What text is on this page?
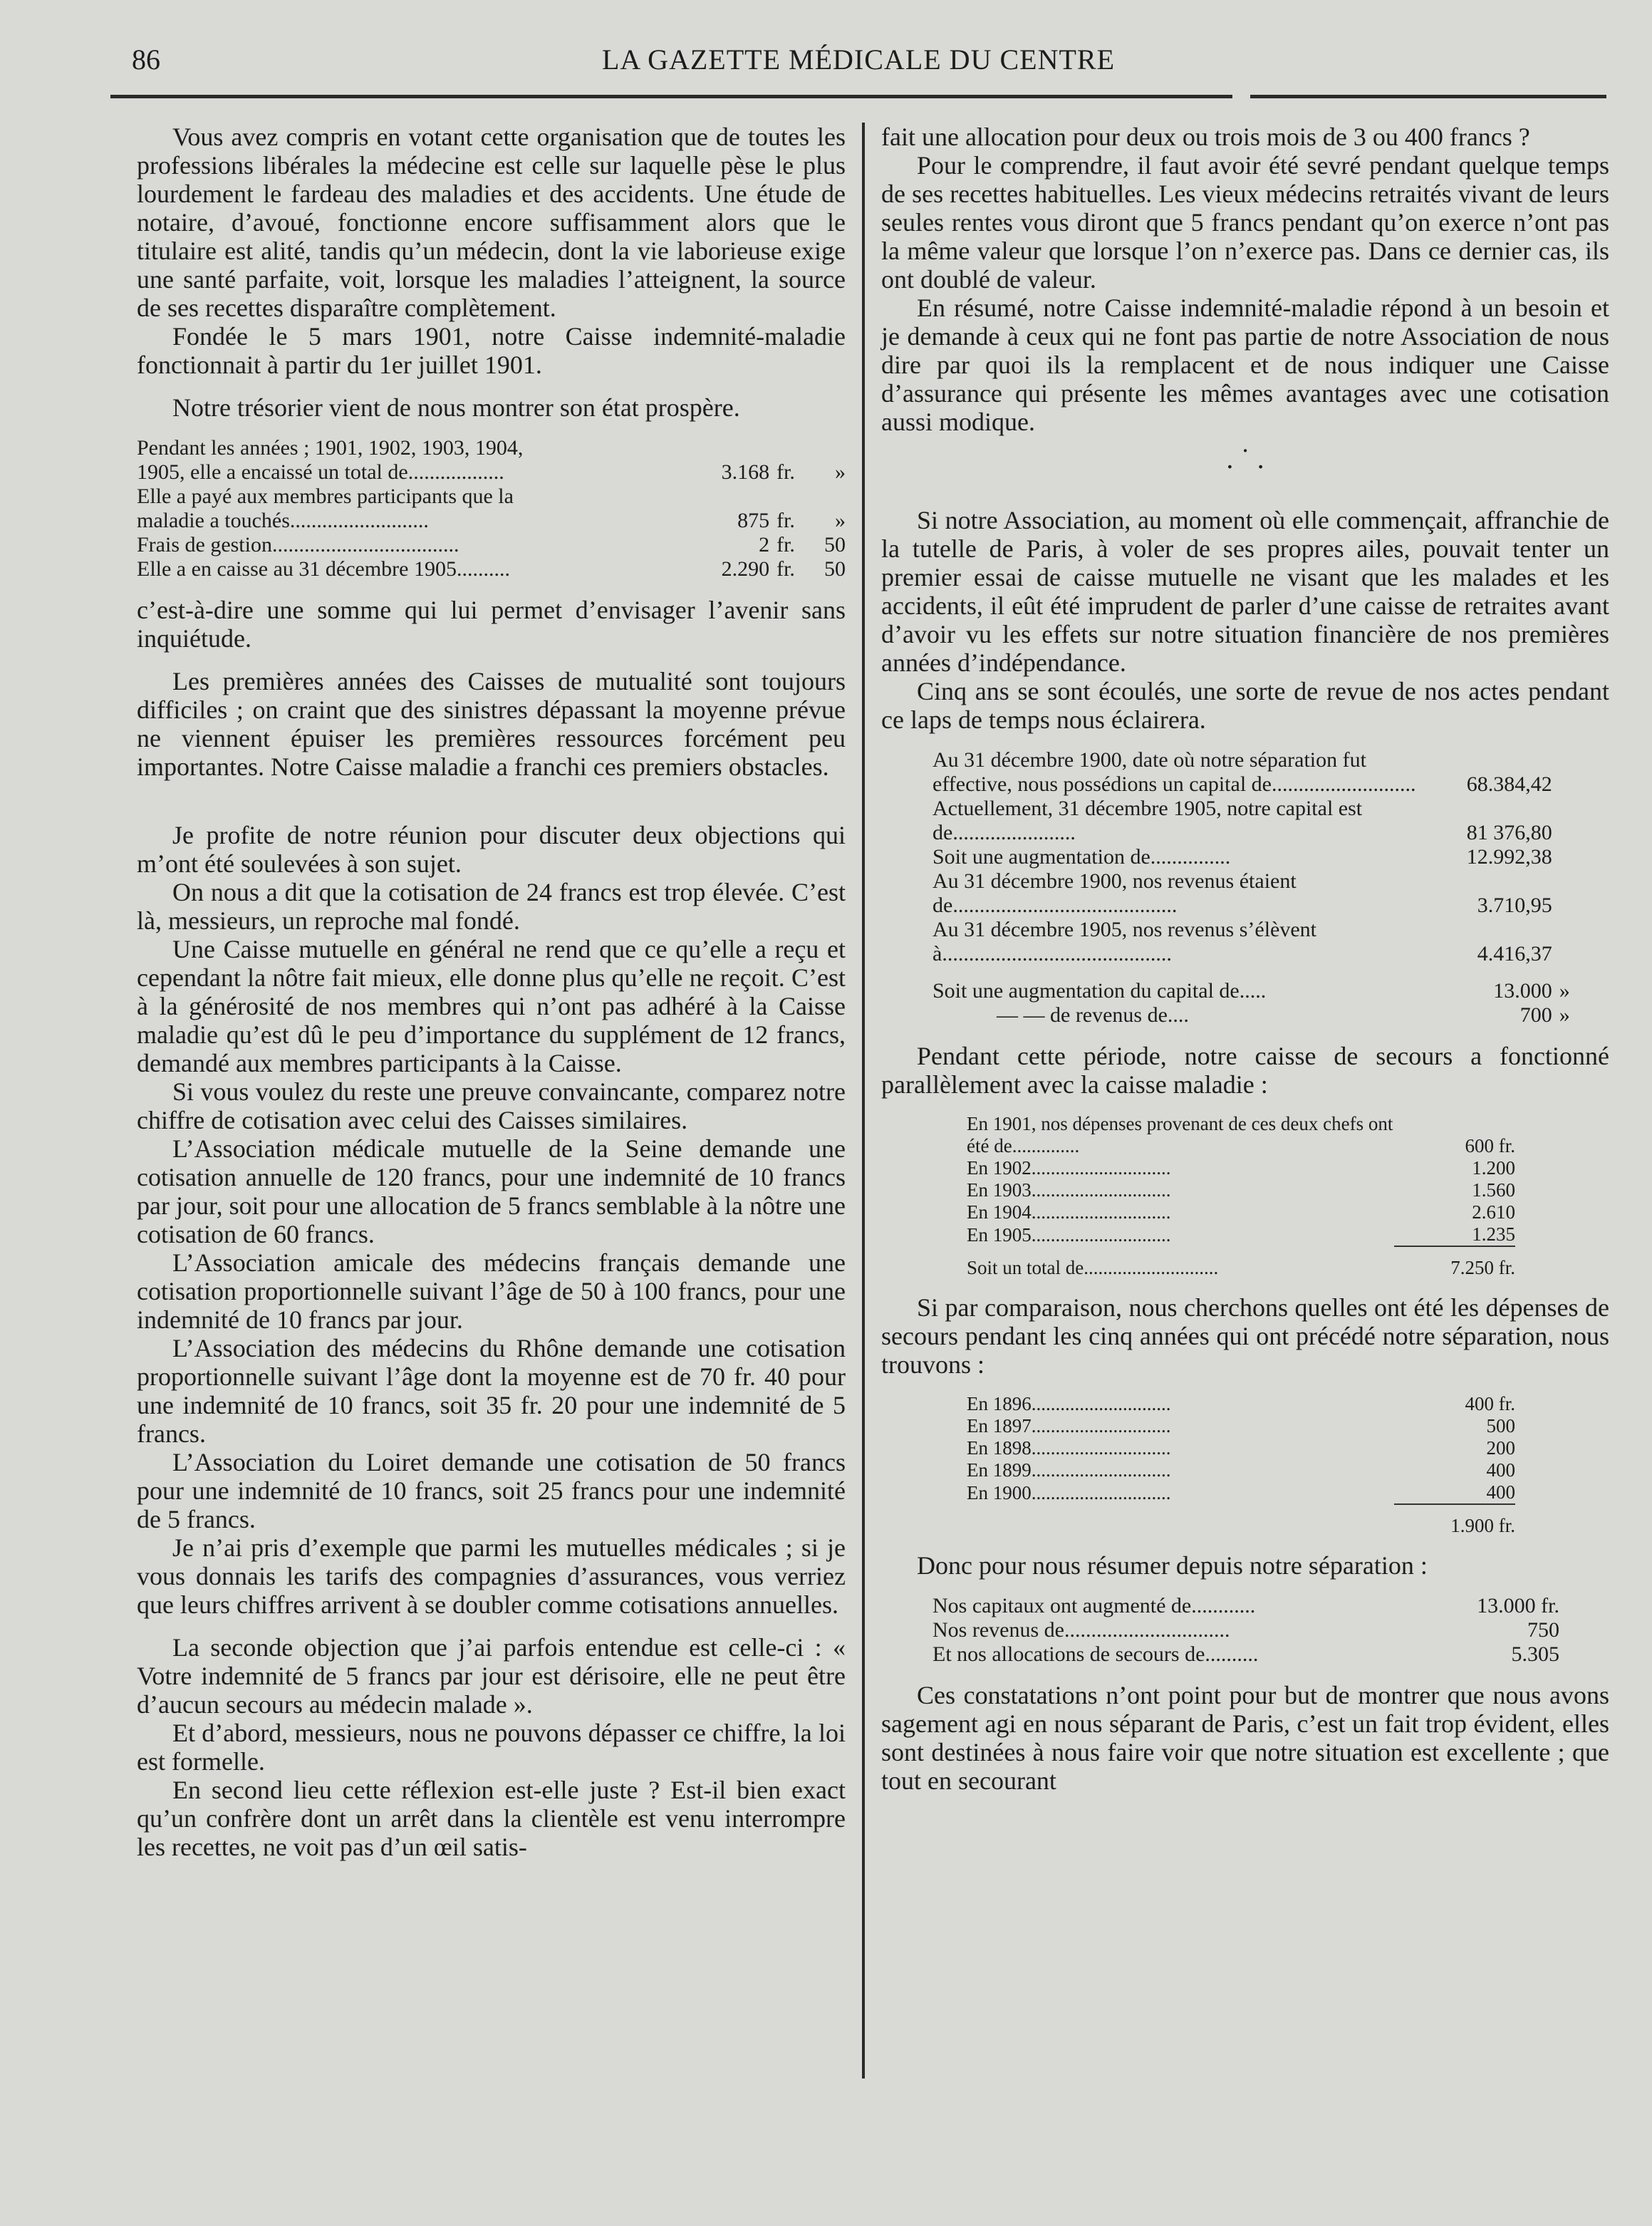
86	LA GAZETTE MÉDICALE DU CENTRE

Vous avez compris en votant cette organisation que de toutes les professions libérales la médecine est celle sur laquelle pèse le plus lourdement le fardeau des maladies et des accidents. Une étude de notaire, d’avoué, fonctionne encore suffisamment alors que le titulaire est alité, tandis qu’un médecin, dont la vie laborieuse exige une santé parfaite, voit, lorsque les maladies l’atteignent, la source de ses recettes disparaître complètement.

Fondée le 5 mars 1901, notre Caisse indemnité-maladie fonctionnait à partir du 1er juillet 1901.

Notre trésorier vient de nous montrer son état prospère.

Pendant les années ; 1901, 1902, 1903, 1904,			
1905, elle a encaissé un total de..................	3.168	fr.	»
Elle a payé aux membres participants que la			
maladie a touchés..........................	875	fr.	»
Frais de gestion...................................	2	fr.	50
Elle a en caisse au 31 décembre 1905..........	2.290	fr.	50

c’est-à-dire une somme qui lui permet d’envisager l’avenir sans inquiétude.

Les premières années des Caisses de mutualité sont toujours difficiles ; on craint que des sinistres dépassant la moyenne prévue ne viennent épuiser les premières ressources forcément peu importantes. Notre Caisse maladie a franchi ces premiers obstacles.

Je profite de notre réunion pour discuter deux objections qui m’ont été soulevées à son sujet.

On nous a dit que la cotisation de 24 francs est trop élevée. C’est là, messieurs, un reproche mal fondé.

Une Caisse mutuelle en général ne rend que ce qu’elle a reçu et cependant la nôtre fait mieux, elle donne plus qu’elle ne reçoit. C’est à la générosité de nos membres qui n’ont pas adhéré à la Caisse maladie qu’est dû le peu d’importance du supplément de 12 francs, demandé aux membres participants à la Caisse.

Si vous voulez du reste une preuve convaincante, comparez notre chiffre de cotisation avec celui des Caisses similaires.

L’Association médicale mutuelle de la Seine demande une cotisation annuelle de 120 francs, pour une indemnité de 10 francs par jour, soit pour une allocation de 5 francs semblable à la nôtre une cotisation de 60 francs.

L’Association amicale des médecins français demande une cotisation proportionnelle suivant l’âge de 50 à 100 francs, pour une indemnité de 10 francs par jour.

L’Association des médecins du Rhône demande une cotisation proportionnelle suivant l’âge dont la moyenne est de 70 fr. 40 pour une indemnité de 10 francs, soit 35 fr. 20 pour une indemnité de 5 francs.

L’Association du Loiret demande une cotisation de 50 francs pour une indemnité de 10 francs, soit 25 francs pour une indemnité de 5 francs.

Je n’ai pris d’exemple que parmi les mutuelles médicales ; si je vous donnais les tarifs des compagnies d’assurances, vous verriez que leurs chiffres arrivent à se doubler comme cotisations annuelles.

La seconde objection que j’ai parfois entendue est celle-ci : « Votre indemnité de 5 francs par jour est dérisoire, elle ne peut être d’aucun secours au médecin malade ».

Et d’abord, messieurs, nous ne pouvons dépasser ce chiffre, la loi est formelle.

En second lieu cette réflexion est-elle juste ? Est-il bien exact qu’un confrère dont un arrêt dans la clientèle est venu interrompre les recettes, ne voit pas d’un œil satis-

fait une allocation pour deux ou trois mois de 3 ou 400 francs ?

Pour le comprendre, il faut avoir été sevré pendant quelque temps de ses recettes habituelles. Les vieux médecins retraités vivant de leurs seules rentes vous diront que 5 francs pendant qu’on exerce n’ont pas la même valeur que lorsque l’on n’exerce pas. Dans ce dernier cas, ils ont doublé de valeur.

En résumé, notre Caisse indemnité-maladie répond à un besoin et je demande à ceux qui ne font pas partie de notre Association de nous dire par quoi ils la remplacent et de nous indiquer une Caisse d’assurance qui présente les mêmes avantages avec une cotisation aussi modique.

. ˙ .

Si notre Association, au moment où elle commençait, affranchie de la tutelle de Paris, à voler de ses propres ailes, pouvait tenter un premier essai de caisse mutuelle ne visant que les malades et les accidents, il eût été imprudent de parler d’une caisse de retraites avant d’avoir vu les effets sur notre situation financière de nos premières années d’indépendance.

Cinq ans se sont écoulés, une sorte de revue de nos actes pendant ce laps de temps nous éclairera.

Au 31 décembre 1900, date où notre séparation fut effective, nous possédions un capital de...........................	68.384,42	
Actuellement, 31 décembre 1905, notre capital est de.......................	81 376,80	
Soit une augmentation de...............	12.992,38	
Au 31 décembre 1900, nos revenus étaient de..........................................	3.710,95	
Au 31 décembre 1905, nos revenus s’élèvent à...........................................	4.416,37	

Soit une augmentation du capital de.....	13.000	»
— — de revenus de....	700	»

Pendant cette période, notre caisse de secours a fonctionné parallèlement avec la caisse maladie :

En 1901, nos dépenses provenant de ces deux chefs ont été de..............	600 fr.
En 1902.............................	1.200
En 1903.............................	1.560
En 1904.............................	2.610
En 1905.............................	1.235

Soit un total de............................	7.250 fr.

Si par comparaison, nous cherchons quelles ont été les dépenses de secours pendant les cinq années qui ont précédé notre séparation, nous trouvons :

En 1896.............................	400 fr.
En 1897.............................	500
En 1898.............................	200
En 1899.............................	400
En 1900.............................	400

	1.900 fr.

Donc pour nous résumer depuis notre séparation :

Nos capitaux ont augmenté de............	13.000 fr.
Nos revenus de...............................	750
Et nos allocations de secours de..........	5.305

Ces constatations n’ont point pour but de montrer que nous avons sagement agi en nous séparant de Paris, c’est un fait trop évident, elles sont destinées à nous faire voir que notre situation est excellente ; que tout en secourant
